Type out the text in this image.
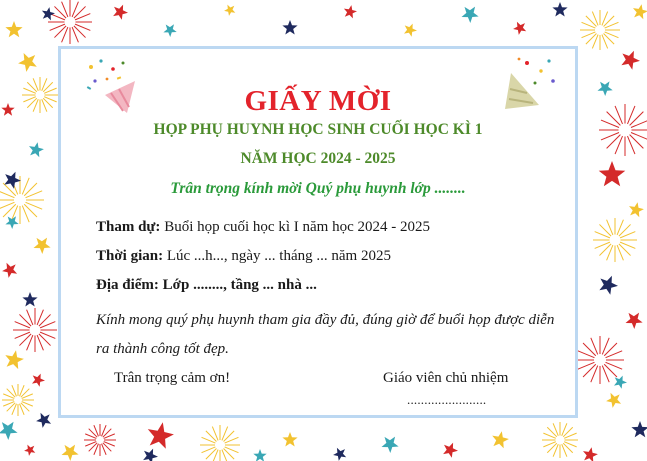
GIẤY MỜI
HỌP PHỤ HUYNH HỌC SINH CUỐI HỌC KÌ 1
NĂM HỌC 2024 - 2025
Trân trọng kính mời Quý phụ huynh lớp ........
Tham dự: Buổi họp cuối học kì I năm học 2024 - 2025
Thời gian: Lúc ...h..., ngày ... tháng ... năm 2025
Địa điểm: Lớp ........, tầng ... nhà ...
Kính mong quý phụ huynh tham gia đầy đủ, đúng giờ để buổi họp được diễn ra thành công tốt đẹp.
Trân trọng cảm ơn!	Giáo viên chủ nhiệm
.......................
